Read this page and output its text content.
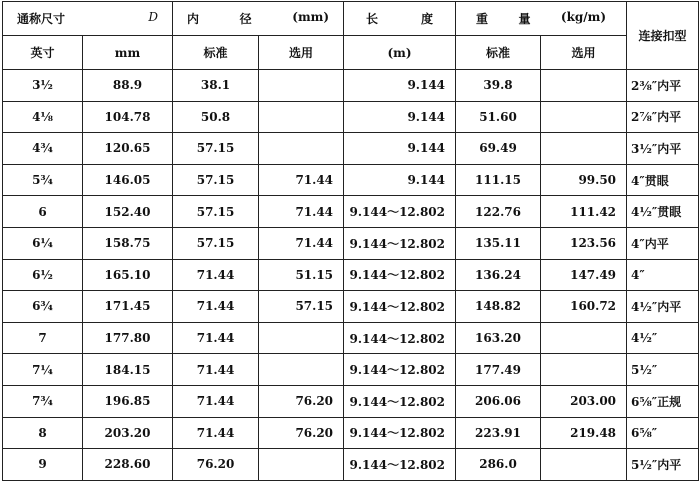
通称尺寸 D		内 径 (mm)		长 度	重 量 (kg/m)		连接扣型
英寸	mm	标准	选用	(m)	标准	选用	
3½	88.9	38.1		9.144	39.8		2⅜″内平
4⅛	104.78	50.8		9.144	51.60		2⅞″内平
4¾	120.65	57.15		9.144	69.49		3½″内平
5¾	146.05	57.15	71.44	9.144	111.15	99.50	4″贯眼
6	152.40	57.15	71.44	9.144～12.802	122.76	111.42	4½″贯眼
6¼	158.75	57.15	71.44	9.144～12.802	135.11	123.56	4″内平
6½	165.10	71.44	51.15	9.144～12.802	136.24	147.49	4″
6¾	171.45	71.44	57.15	9.144～12.802	148.82	160.72	4½″内平
7	177.80	71.44		9.144～12.802	163.20		4½″
7¼	184.15	71.44		9.144～12.802	177.49		5½″
7¾	196.85	71.44	76.20	9.144～12.802	206.06	203.00	6⅝″正规
8	203.20	71.44	76.20	9.144～12.802	223.91	219.48	6⅝″
9	228.60	76.20		9.144～12.802	286.0		5½″内平
